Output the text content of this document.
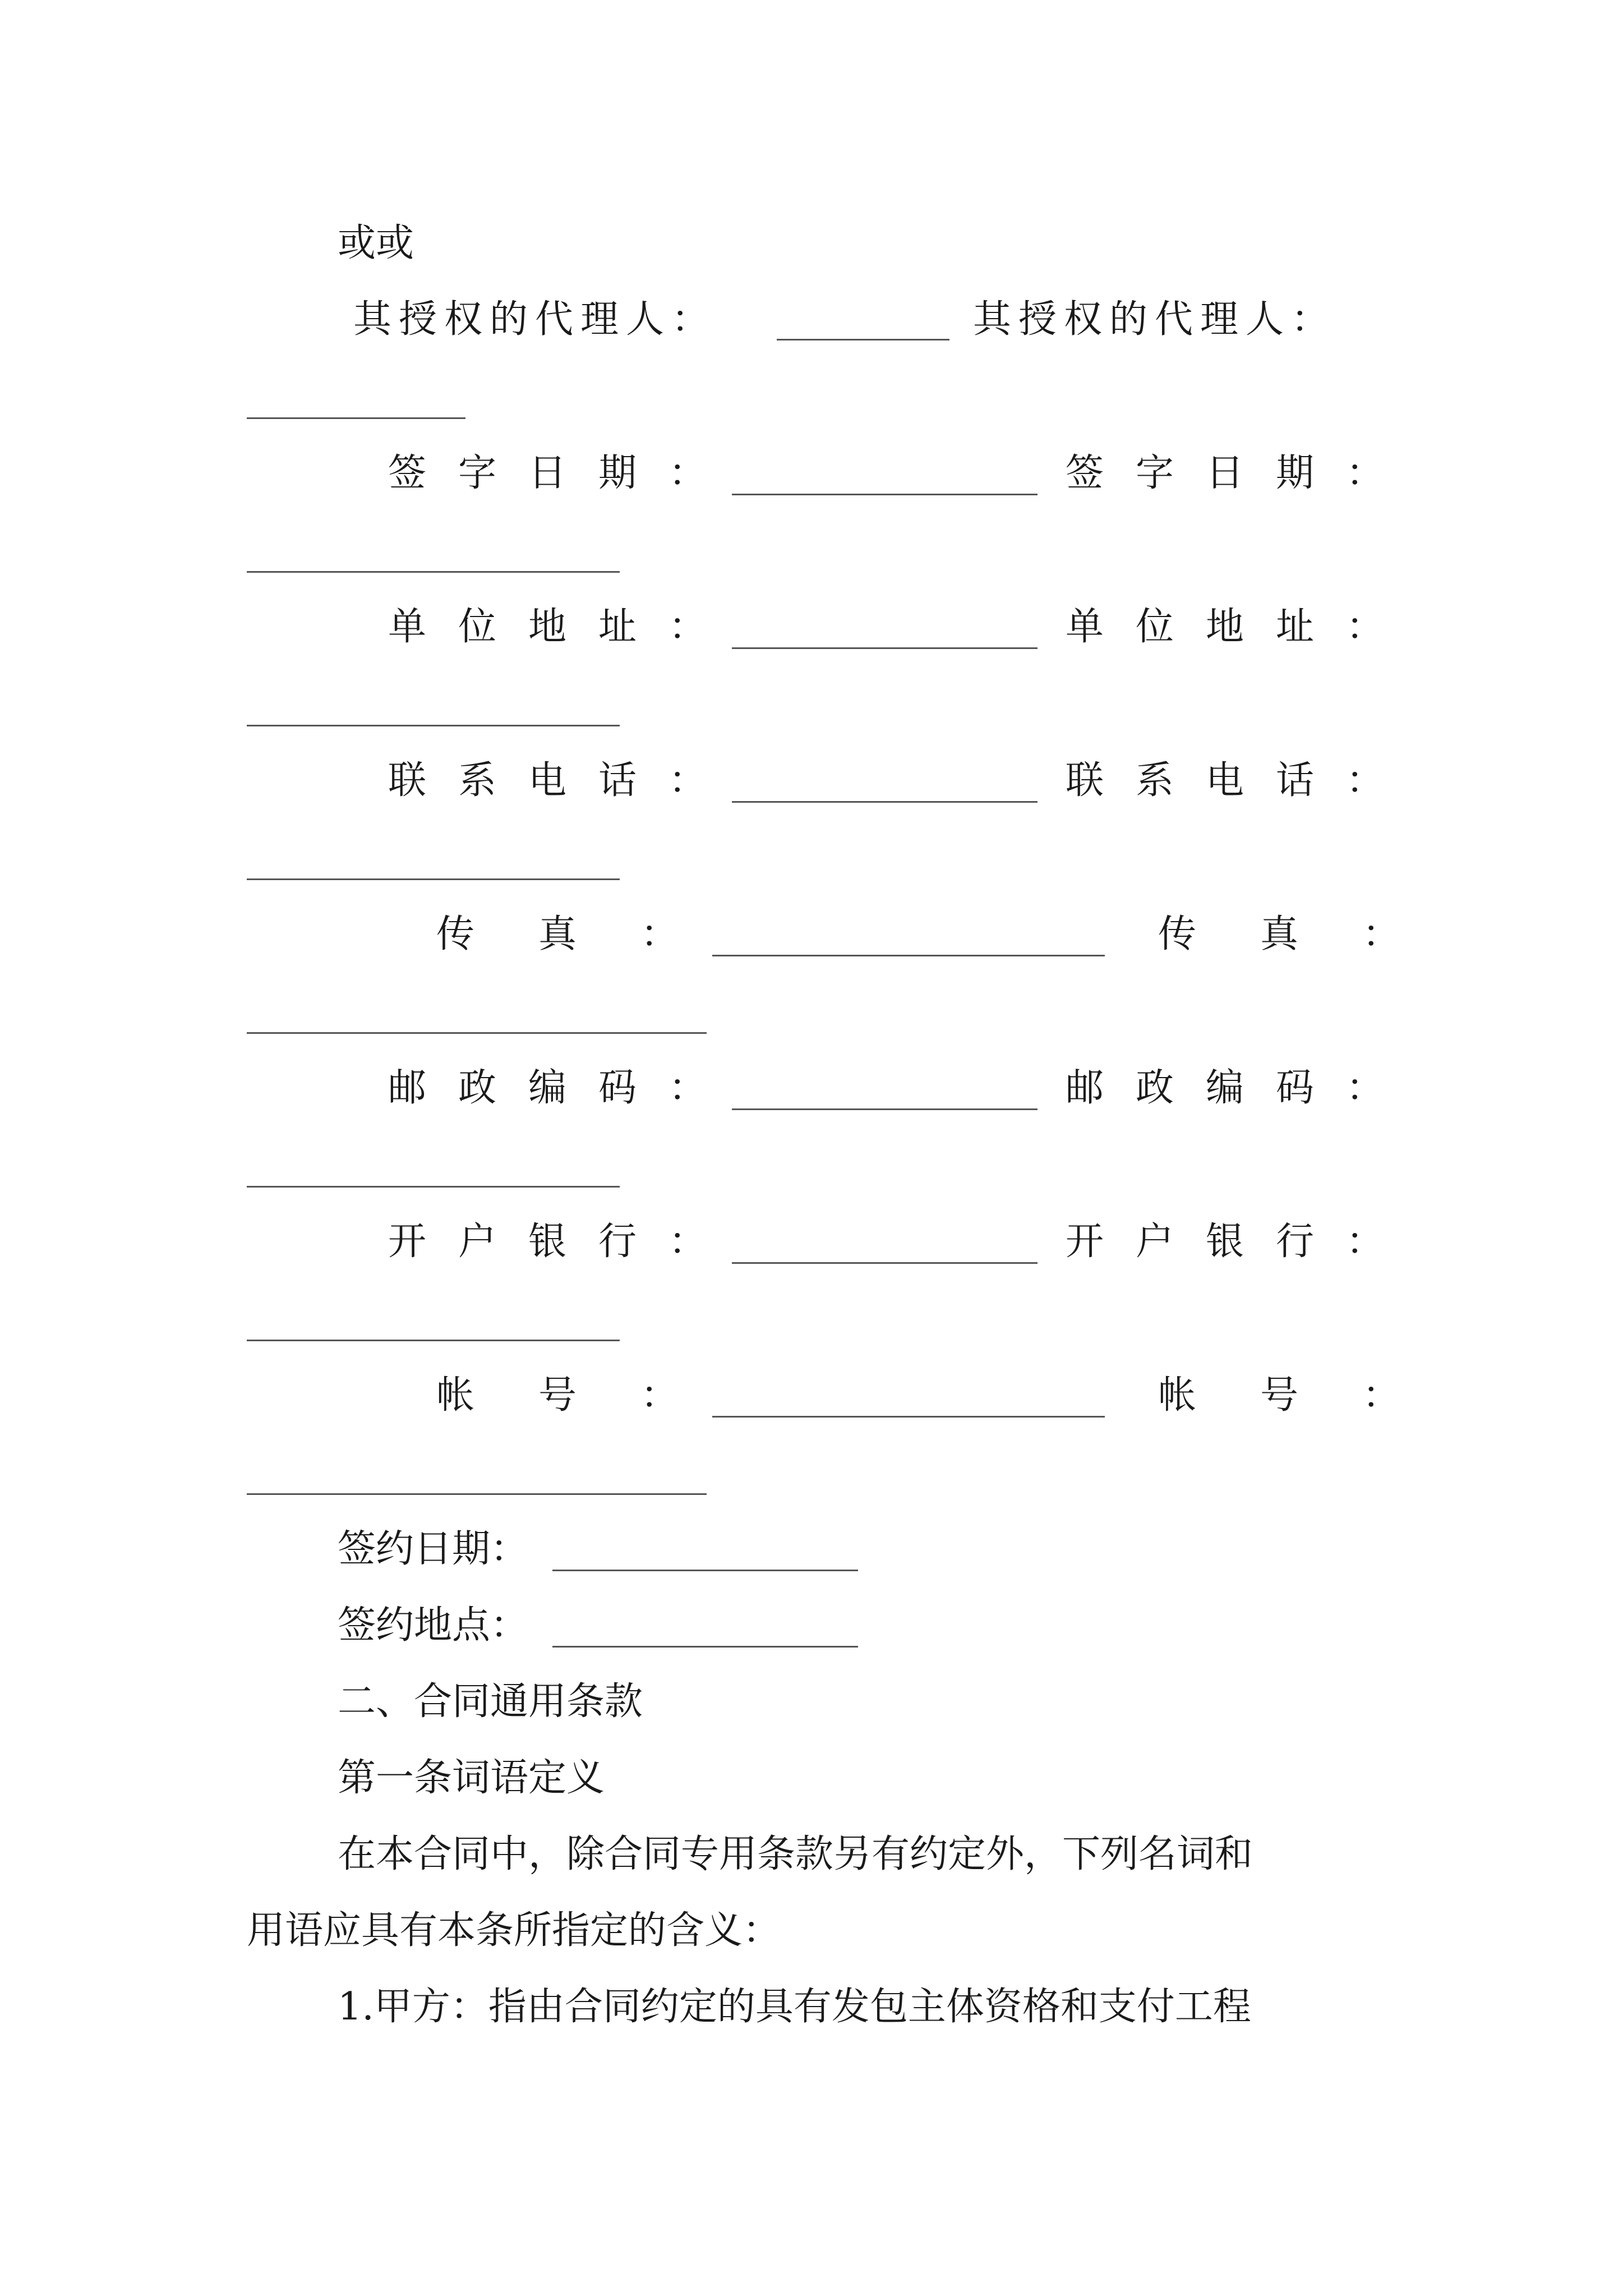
或或
其授权的代理人：	其授权的代理人：
签字日期：	签字日期：
单位地址：	单位地址：
联系电话：	联系电话：
传真：	传真：
邮政编码：	邮政编码：
开户银行：	开户银行：
帐号：	帐号：
签约日期：
签约地点：
二、合同通用条款
第一条词语定义
在本合同中，除合同专用条款另有约定外，下列名词和
用语应具有本条所指定的含义：
1.甲方：指由合同约定的具有发包主体资格和支付工程
